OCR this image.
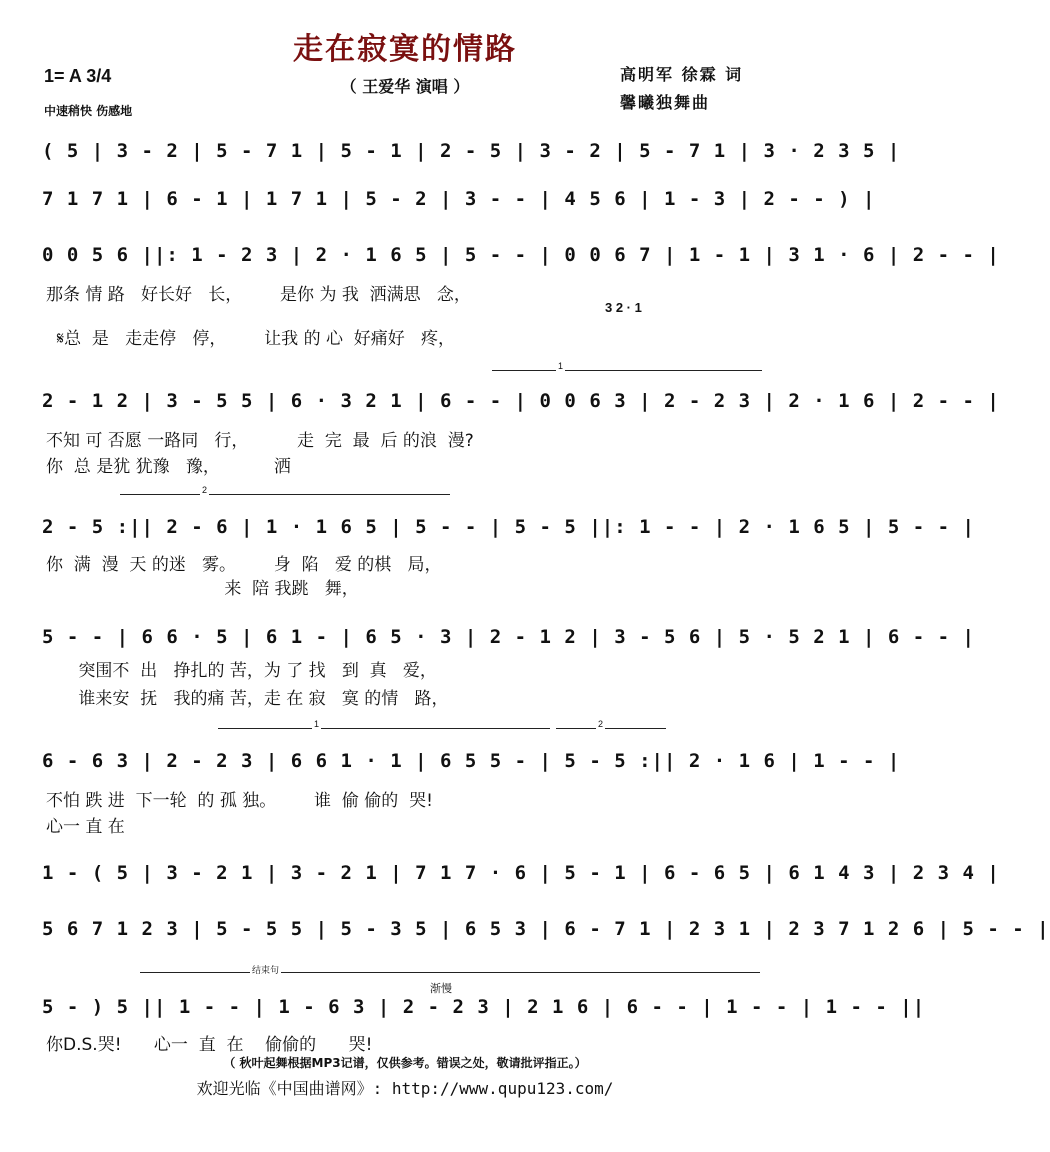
走在寂寞的情路
（ 王爱华 演唱 ）
高明军 徐霖 词
馨曦独舞曲
1= A 3/4
中速稍快 伤感地
( 5 | 3 - 2 | 5 - 7 1 | 5 - 1 | 2 - 5 | 3 - 2 | 5 - 7 1 | 3 · 2 3 5 |
7 1 7 1 | 6 - 1 | 1 7 1 | 5 - 2 | 3 - - | 4 5 6 | 1 - 3 | 2 - - ) |
0 0 5 6 ||: 1 - 2 3 | 2 · 1 6 5 | 5 - - | 0 0 6 7 | 1 - 1 | 3 1 · 6 | 2 - - |
那条 情 路   好长好   长，       是你 为 我  洒满思   念，
3 2 · 1
𝄋总  是   走走停   停，       让我 的 心  好痛好   疼，
1
2 - 1 2 | 3 - 5 5 | 6 · 3 2 1 | 6 - - | 0 0 6 3 | 2 - 2 3 | 2 · 1 6 | 2 - - |
不知 可 否愿 一路同   行，         走  完  最  后 的浪  漫?
你  总 是犹 犹豫   豫，          洒
2
2 - 5 :|| 2 - 6 | 1 · 1 6 5 | 5 - - | 5 - 5 ||: 1 - - | 2 · 1 6 5 | 5 - - |
你  满  漫  天 的迷   雾。       身  陷   爱 的棋   局，
来  陪 我跳   舞，
5 - - | 6 6 · 5 | 6 1 - | 6 5 · 3 | 2 - 1 2 | 3 - 5 6 | 5 · 5 2 1 | 6 - - |
突围不  出   挣扎的 苦，为 了 找   到  真   爱，
谁来安  抚   我的痛 苦，走 在 寂   寞 的情   路，
1	2
6 - 6 3 | 2 - 2 3 | 6 6 1 · 1 | 6 5 5 - | 5 - 5 :|| 2 · 1 6 | 1 - - |
不怕 跌 进  下一轮  的 孤 独。       谁  偷 偷的  哭!
心一 直 在
1 - ( 5 | 3 - 2 1 | 3 - 2 1 | 7 1 7 · 6 | 5 - 1 | 6 - 6 5 | 6 1 4 3 | 2 3 4 |
5 6 7 1 2 3 | 5 - 5 5 | 5 - 3 5 | 6 5 3 | 6 - 7 1 | 2 3 1 | 2 3 7 1 2 6 | 5 - - |
结束句
渐慢
5 - ) 5 || 1 - - | 1 - 6 3 | 2 - 2 3 | 2 1 6 | 6 - - | 1 - - | 1 - - ||
你D.S.哭!      心一  直  在    偷偷的      哭!
（ 秋叶起舞根据MP3记谱，仅供参考。错误之处，敬请批评指正。）
欢迎光临《中国曲谱网》: http://www.qupu123.com/
